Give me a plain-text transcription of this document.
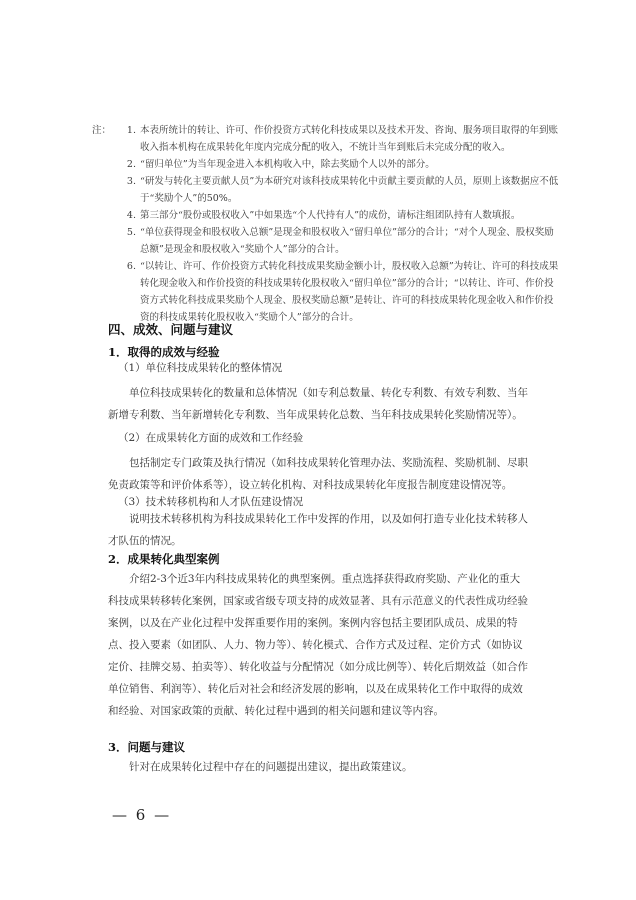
注：	1. 本表所统计的转让、许可、作价投资方式转化科技成果以及技术开发、咨询、服务项目取得的年到账收入指本机构在成果转化年度内完成分配的收入，不统计当年到账后未完成分配的收入。
2. “留归单位”为当年现金进入本机构收入中，除去奖励个人以外的部分。
3. “研发与转化主要贡献人员”为本研究对该科技成果转化中贡献主要贡献的人员，原则上该数据应不低于“奖励个人”的50%。
4. 第三部分“股份或股权收入”中如果选“个人代持有人”的成份，请标注组团队持有人数填报。
5. “单位获得现金和股权收入总额”是现金和股权收入“留归单位”部分的合计；“对个人现金、股权奖励总额”是现金和股权收入“奖励个人”部分的合计。
6. “以转让、许可、作价投资方式转化科技成果奖励金额小计，股权收入总额”为转让、许可的科技成果转化现金收入和作价投资的科技成果转化股权收入“留归单位”部分的合计；“以转让、许可、作价投资方式转化科技成果奖励个人现金、股权奖励总额”是转让、许可的科技成果转化现金收入和作价投资的科技成果转化股权收入“奖励个人”部分的合计。
四、成效、问题与建议
1．取得的成效与经验
（1）单位科技成果转化的整体情况
单位科技成果转化的数量和总体情况（如专利总数量、转化专利数、有效专利数、当年新增专利数、当年新增转化专利数、当年成果转化总数、当年科技成果转化奖励情况等）。
（2）在成果转化方面的成效和工作经验
包括制定专门政策及执行情况（如科技成果转化管理办法、奖励流程、奖励机制、尽职免责政策等和评价体系等），设立转化机构、对科技成果转化年度报告制度建设情况等。
（3）技术转移机构和人才队伍建设情况
说明技术转移机构为科技成果转化工作中发挥的作用，以及如何打造专业化技术转移人才队伍的情况。
2．成果转化典型案例
介绍2-3个近3年内科技成果转化的典型案例。重点选择获得政府奖励、产业化的重大科技成果转移转化案例，国家或省级专项支持的成效显著、具有示范意义的代表性成功经验案例，以及在产业化过程中发挥重要作用的案例。案例内容包括主要团队成员、成果的特点、投入要素（如团队、人力、物力等）、转化模式、合作方式及过程、定价方式（如协议定价、挂牌交易、拍卖等）、转化收益与分配情况（如分成比例等）、转化后期效益（如合作单位销售、利润等）、转化后对社会和经济发展的影响，以及在成果转化工作中取得的成效和经验、对国家政策的贡献、转化过程中遇到的相关问题和建议等内容。
3．问题与建议
针对在成果转化过程中存在的问题提出建议，提出政策建议。
— 6 —
